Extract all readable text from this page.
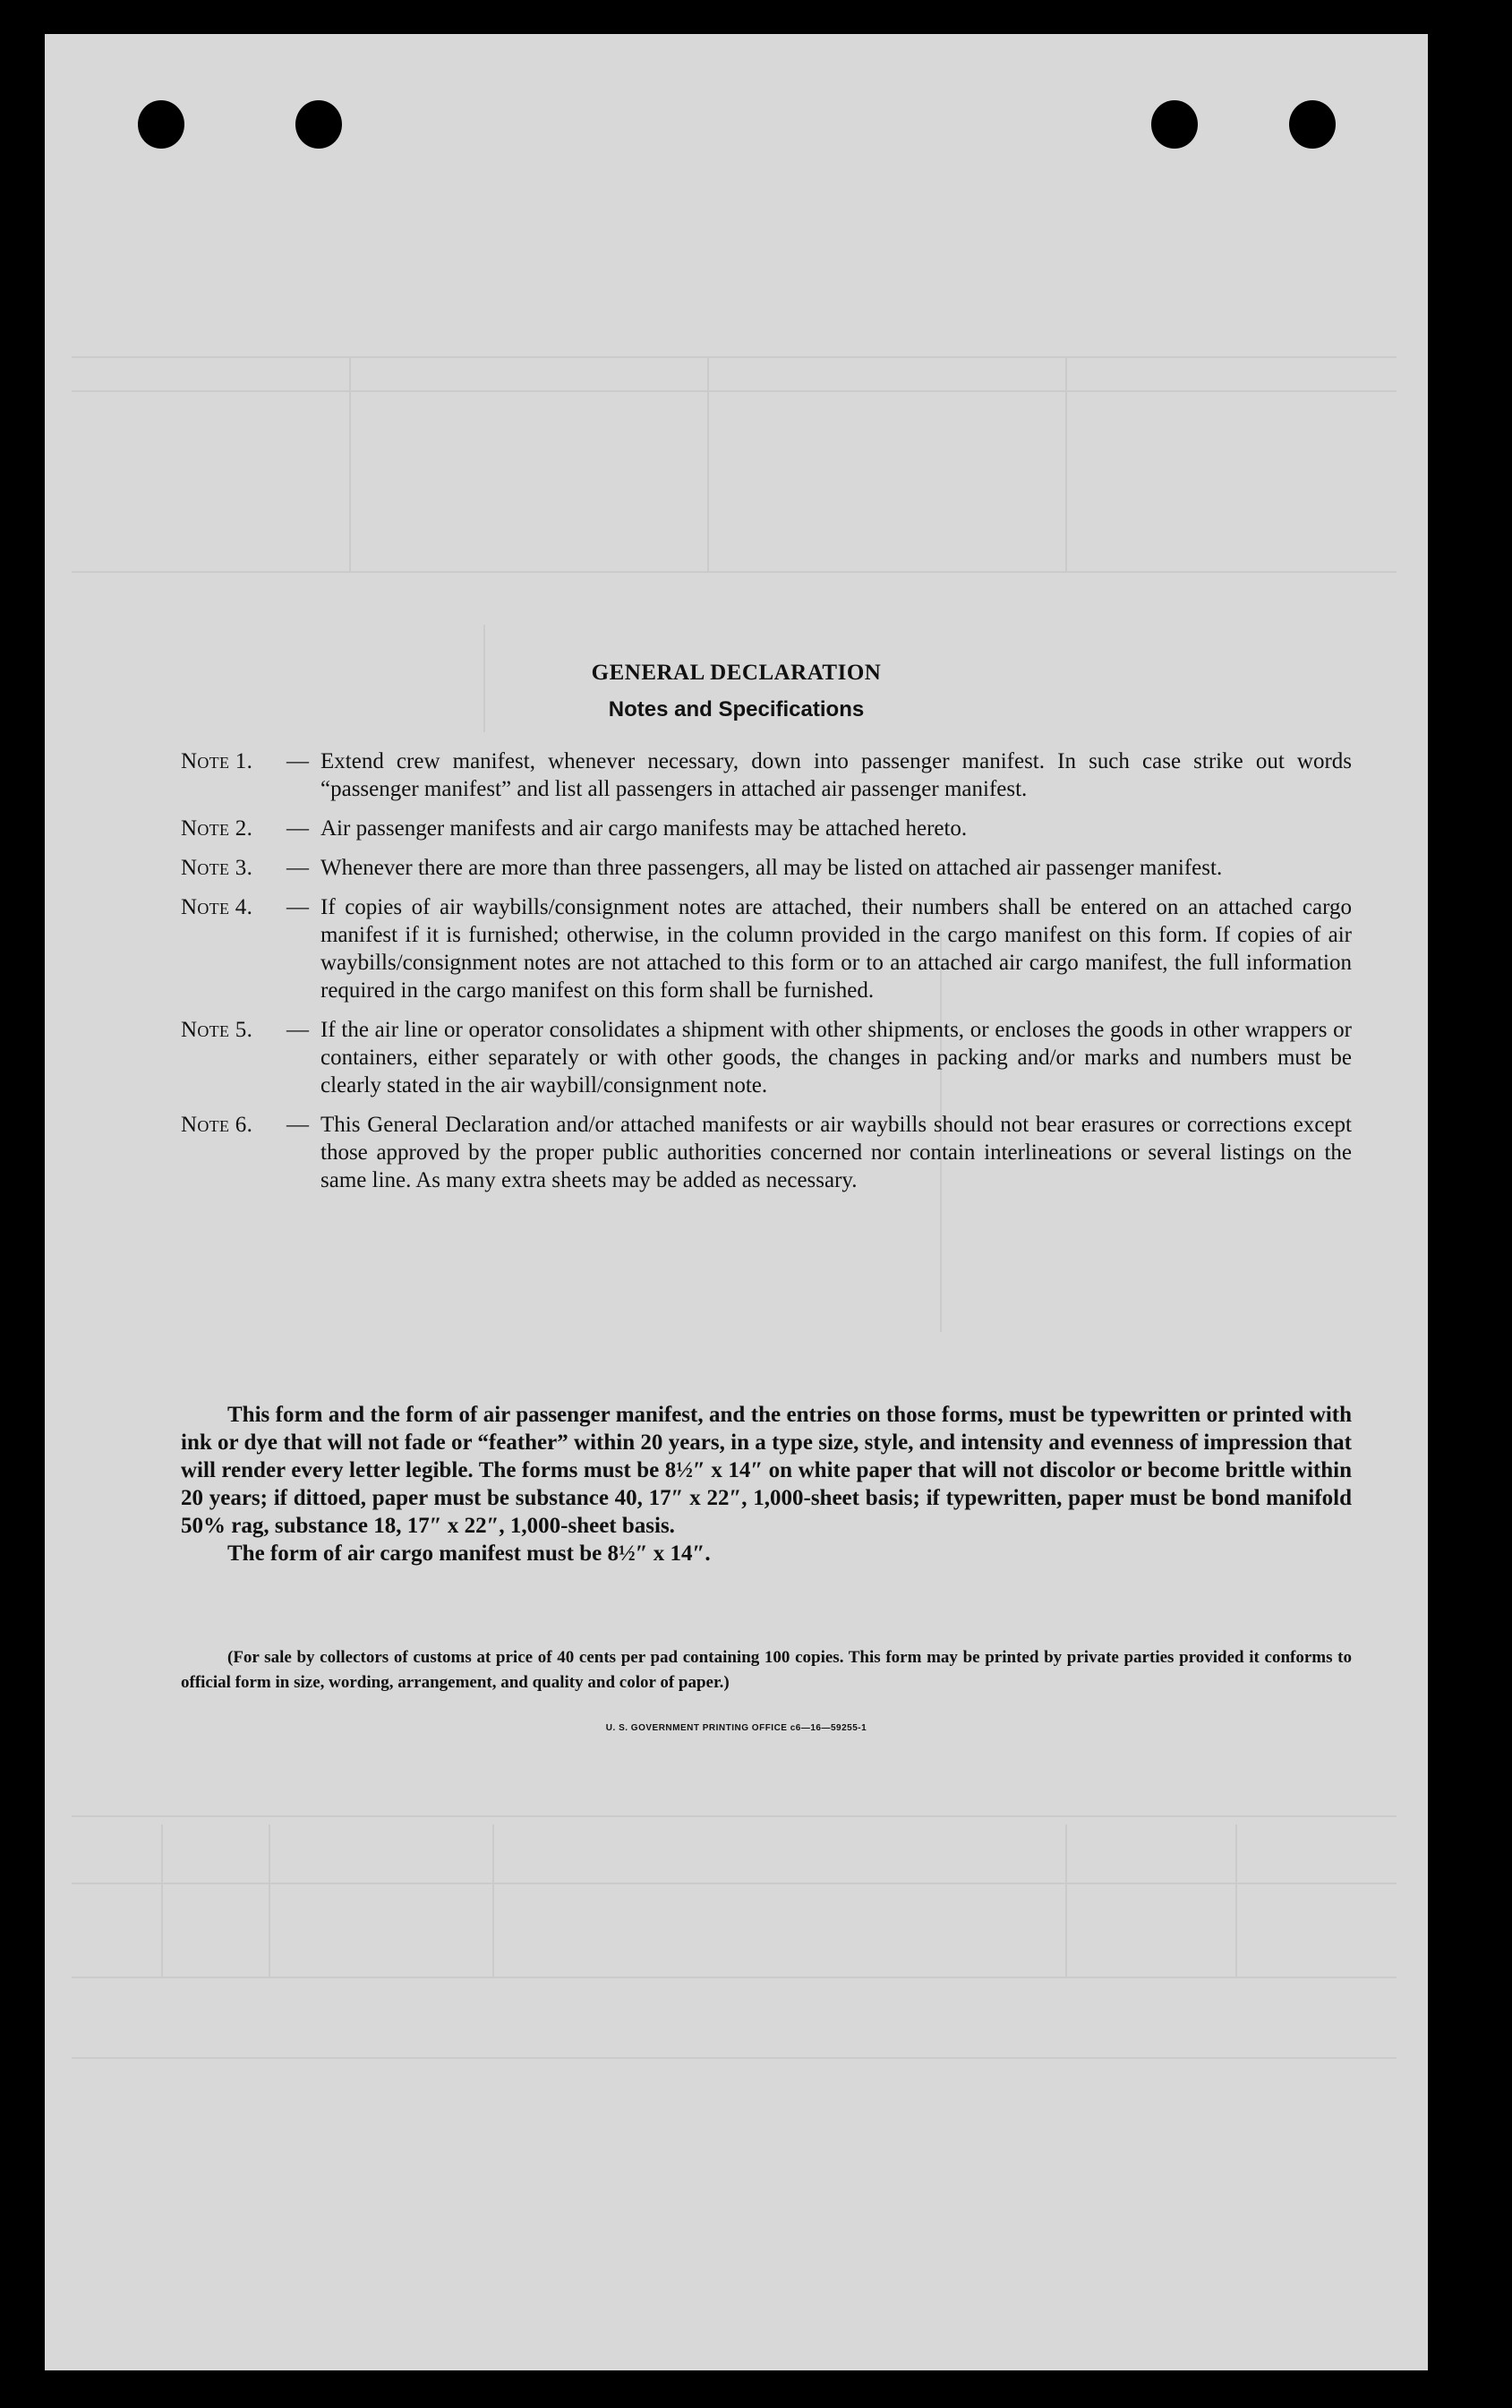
GENERAL DECLARATION
Notes and Specifications
Note 1. — Extend crew manifest, whenever necessary, down into passenger manifest. In such case strike out words “passenger manifest” and list all passengers in attached air passenger manifest.
Note 2. — Air passenger manifests and air cargo manifests may be attached hereto.
Note 3. — Whenever there are more than three passengers, all may be listed on attached air passenger manifest.
Note 4. — If copies of air waybills/consignment notes are attached, their numbers shall be entered on an attached cargo manifest if it is furnished; otherwise, in the column provided in the cargo manifest on this form. If copies of air waybills/consignment notes are not attached to this form or to an attached air cargo manifest, the full information required in the cargo manifest on this form shall be furnished.
Note 5. — If the air line or operator consolidates a shipment with other shipments, or encloses the goods in other wrappers or containers, either separately or with other goods, the changes in packing and/or marks and numbers must be clearly stated in the air waybill/consignment note.
Note 6. — This General Declaration and/or attached manifests or air waybills should not bear erasures or corrections except those approved by the proper public authorities concerned nor contain interlineations or several listings on the same line. As many extra sheets may be added as necessary.

This form and the form of air passenger manifest, and the entries on those forms, must be typewritten or printed with ink or dye that will not fade or “feather” within 20 years, in a type size, style, and intensity and evenness of impression that will render every letter legible. The forms must be 8½″ x 14″ on white paper that will not discolor or become brittle within 20 years; if dittoed, paper must be substance 40, 17″ x 22″, 1,000-sheet basis; if typewritten, paper must be bond manifold 50% rag, substance 18, 17″ x 22″, 1,000-sheet basis.

The form of air cargo manifest must be 8½″ x 14″.

(For sale by collectors of customs at price of 40 cents per pad containing 100 copies. This form may be printed by private parties provided it conforms to official form in size, wording, arrangement, and quality and color of paper.)

U. S. GOVERNMENT PRINTING OFFICE c6—16—59255-1
